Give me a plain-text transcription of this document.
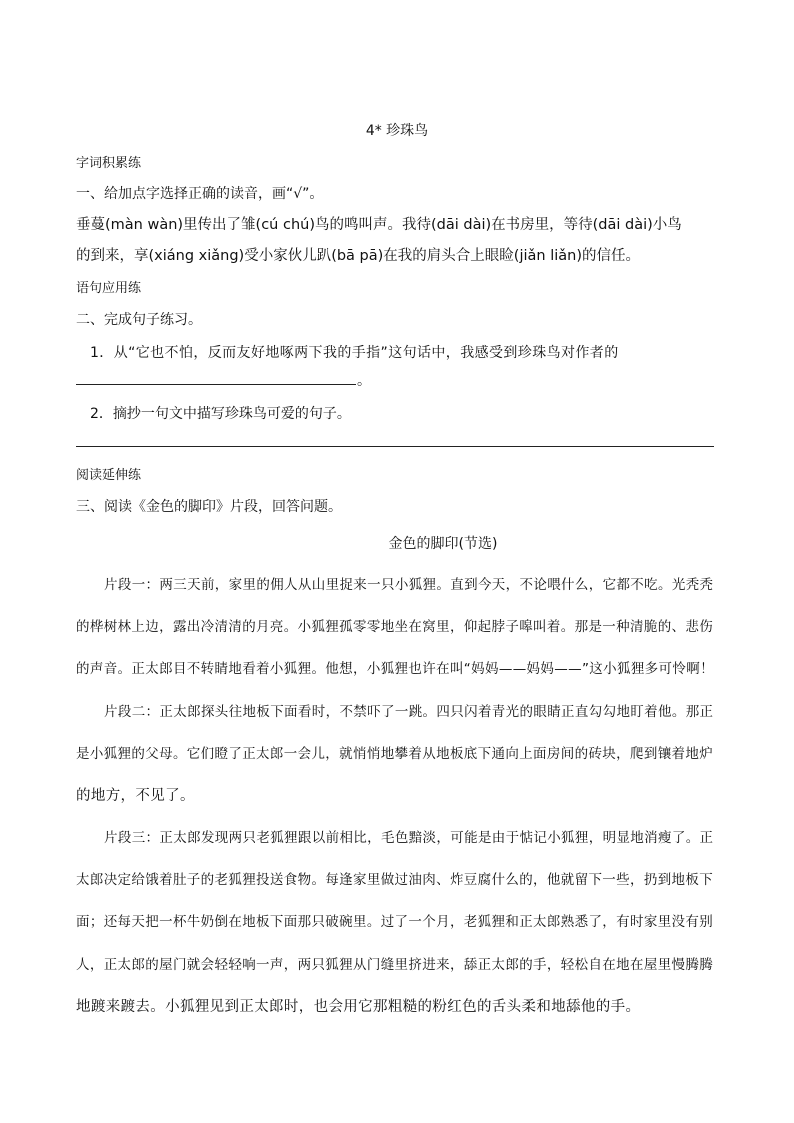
4* 珍珠鸟
字词积累练
一、给加点字选择正确的读音，画“√”。
垂蔓(màn wàn)里传出了雏(cú chú)鸟的鸣叫声。我待(dāi dài)在书房里，等待(dāi dài)小鸟
的到来，享(xiáng xiǎng)受小家伙儿趴(bā pā)在我的肩头合上眼睑(jiǎn liǎn)的信任。
语句应用练
二、完成句子练习。
1．从“它也不怕，反而友好地啄两下我的手指”这句话中，我感受到珍珠鸟对作者的
。
2．摘抄一句文中描写珍珠鸟可爱的句子。
阅读延伸练
三、阅读《金色的脚印》片段，回答问题。
金色的脚印(节选)
片段一：两三天前，家里的佣人从山里捉来一只小狐狸。直到今天，不论喂什么，它都不吃。光秃秃
的桦树林上边，露出冷清清的月亮。小狐狸孤零零地坐在窝里，仰起脖子嗥叫着。那是一种清脆的、悲伤
的声音。正太郎目不转睛地看着小狐狸。他想，小狐狸也许在叫“妈妈——妈妈——”这小狐狸多可怜啊！
片段二：正太郎探头往地板下面看时，不禁吓了一跳。四只闪着青光的眼睛正直勾勾地盯着他。那正
是小狐狸的父母。它们瞪了正太郎一会儿，就悄悄地攀着从地板底下通向上面房间的砖块，爬到镶着地炉
的地方，不见了。
片段三：正太郎发现两只老狐狸跟以前相比，毛色黯淡，可能是由于惦记小狐狸，明显地消瘦了。正
太郎决定给饿着肚子的老狐狸投送食物。每逢家里做过油肉、炸豆腐什么的，他就留下一些，扔到地板下
面；还每天把一杯牛奶倒在地板下面那只破碗里。过了一个月，老狐狸和正太郎熟悉了，有时家里没有别
人，正太郎的屋门就会轻轻响一声，两只狐狸从门缝里挤进来，舔正太郎的手，轻松自在地在屋里慢腾腾
地踱来踱去。小狐狸见到正太郎时，也会用它那粗糙的粉红色的舌头柔和地舔他的手。
